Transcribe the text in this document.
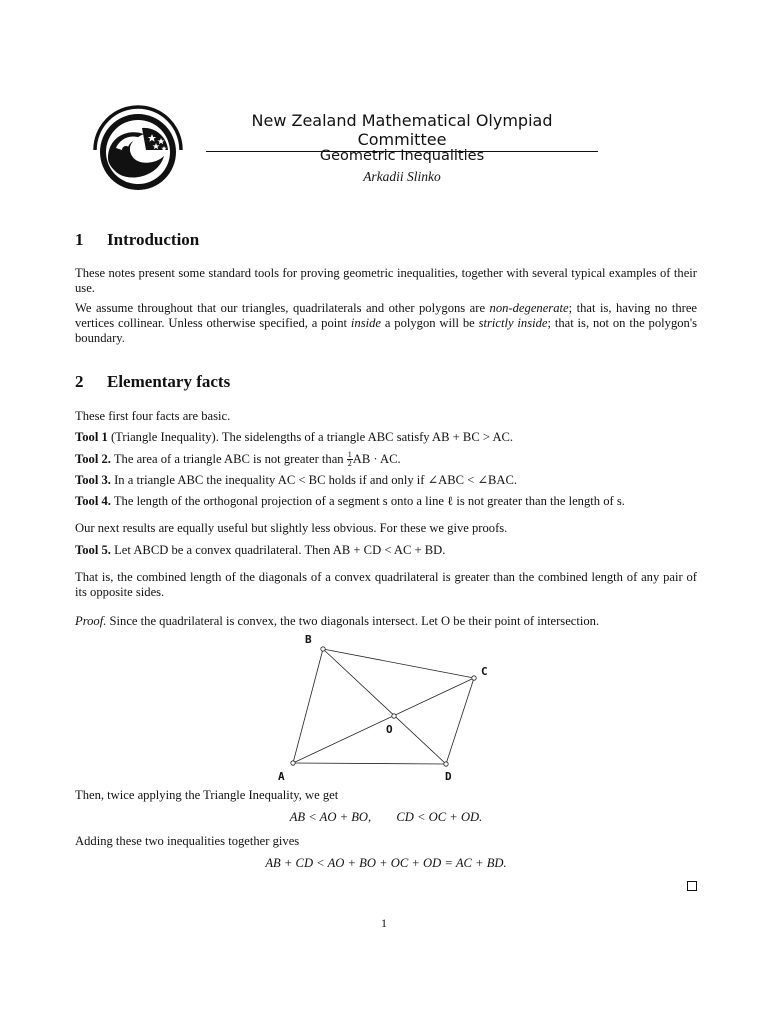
New Zealand Mathematical Olympiad Committee
Geometric Inequalities
Arkadii Slinko
1 Introduction
These notes present some standard tools for proving geometric inequalities, together with several typical examples of their use.
We assume throughout that our triangles, quadrilaterals and other polygons are non-degenerate; that is, having no three vertices collinear. Unless otherwise specified, a point inside a polygon will be strictly inside; that is, not on the polygon's boundary.
2 Elementary facts
These first four facts are basic.
Tool 1 (Triangle Inequality). The sidelengths of a triangle ABC satisfy AB + BC > AC.
Tool 2. The area of a triangle ABC is not greater than $\frac{1}{2}$ AB · AC.
Tool 3. In a triangle ABC the inequality AC < BC holds if and only if ∠ABC < ∠BAC.
Tool 4. The length of the orthogonal projection of a segment s onto a line ℓ is not greater than the length of s.
Our next results are equally useful but slightly less obvious. For these we give proofs.
Tool 5. Let ABCD be a convex quadrilateral. Then AB + CD < AC + BD.
That is, the combined length of the diagonals of a convex quadrilateral is greater than the combined length of any pair of its opposite sides.
Proof. Since the quadrilateral is convex, the two diagonals intersect. Let O be their point of intersection.
A
B
C
D
O
Then, twice applying the Triangle Inequality, we get
AB < AO + BO,        CD < OC + OD.
Adding these two inequalities together gives
AB + CD < AO + BO + OC + OD = AC + BD.
1
